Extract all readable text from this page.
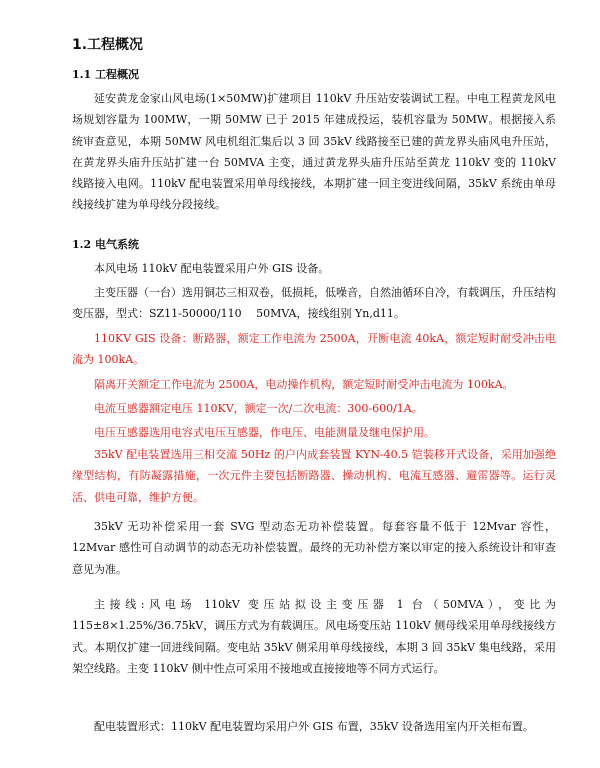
1.工程概况
1.1 工程概况

延安黄龙金家山风电场(1×50MW)扩建项目 110kV 升压站安装调试工程。中电工程黄龙风电场规划容量为 100MW，一期 50MW 已于 2015 年建成投运，装机容量为 50MW。根据接入系统审查意见，本期 50MW 风电机组汇集后以 3 回 35kV 线路接至已建的黄龙界头庙风电升压站，在黄龙界头庙升压站扩建一台 50MVA 主变，通过黄龙界头庙升压站至黄龙 110kV 变的 110kV 线路接入电网。110kV 配电装置采用单母线接线，本期扩建一回主变进线间隔，35kV 系统由单母线接线扩建为单母线分段接线。

1.2 电气系统

本风电场 110kV 配电装置采用户外 GIS 设备。

主变压器（一台）选用铜芯三相双卷，低损耗，低噪音，自然油循环自冷，有载调压，升压结构变压器，型式：SZ11-50000/110　 50MVA，接线组别 Yn,d11。

110KV GIS 设备：断路器，额定工作电流为 2500A，开断电流 40kA，额定短时耐受冲击电流为 100kA。

隔离开关额定工作电流为 2500A，电动操作机构，额定短时耐受冲击电流为 100kA。

电流互感器额定电压 110KV，额定一次/二次电流：300-600/1A。

电压互感器选用电容式电压互感器，作电压、电能测量及继电保护用。

35kV 配电装置选用三相交流 50Hz 的户内成套装置 KYN-40.5 铠装移开式设备，采用加强绝缘型结构，有防凝露措施，一次元件主要包括断路器、操动机构、电流互感器、避雷器等。运行灵活、供电可靠，维护方便。

35kV 无功补偿采用一套 SVG 型动态无功补偿装置。每套容量不低于 12Mvar 容性，12Mvar 感性可自动调节的动态无功补偿装置。最终的无功补偿方案以审定的接入系统设计和审查意见为准。

主接线:风电场 110kV 变压站拟设主变压器 1 台（50MVA），变比为 115±8×1.25%/36.75kV，调压方式为有载调压。风电场变压站 110kV 侧母线采用单母线接线方式。本期仅扩建一回进线间隔。变电站 35kV 侧采用单母线接线，本期 3 回 35kV 集电线路，采用架空线路。主变 110kV 侧中性点可采用不接地或直接接地等不同方式运行。

配电装置形式：110kV 配电装置均采用户外 GIS 布置，35kV 设备选用室内开关柜布置。
